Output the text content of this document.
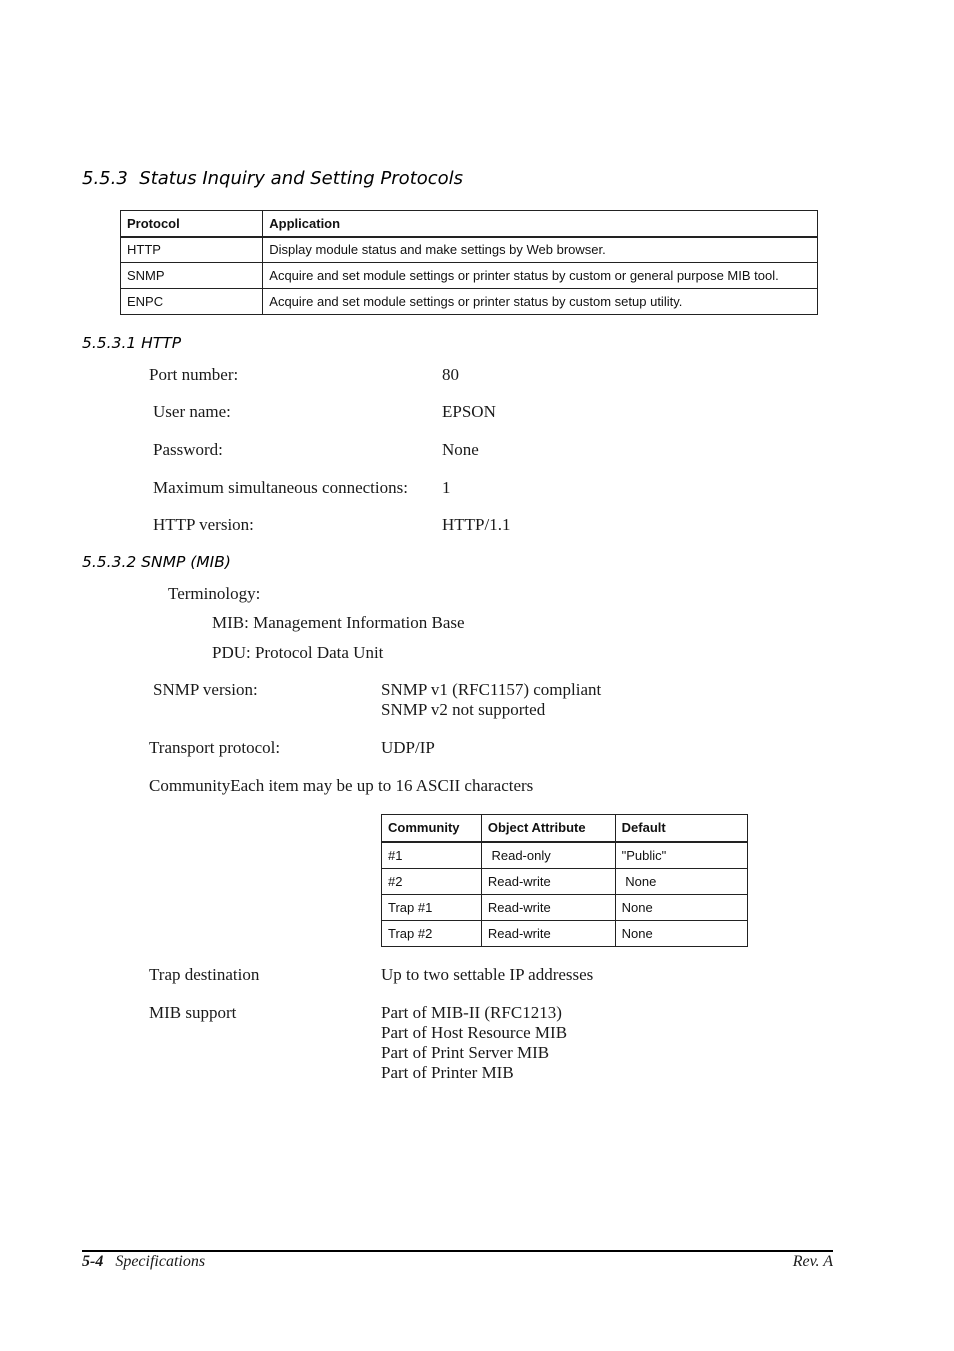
5.5.3 Status Inquiry and Setting Protocols
Protocol	Application
HTTP	Display module status and make settings by Web browser.
SNMP	Acquire and set module settings or printer status by custom or general purpose MIB tool.
ENPC	Acquire and set module settings or printer status by custom setup utility.
5.5.3.1 HTTP
Port number:	80
User name:	EPSON
Password:	None
Maximum simultaneous connections: 1
HTTP version:	HTTP/1.1
5.5.3.2 SNMP (MIB)
Terminology:
MIB: Management Information Base
PDU: Protocol Data Unit
SNMP version:	SNMP v1 (RFC1157) compliant
SNMP v2 not supported
Transport protocol:	UDP/IP
CommunityEach item may be up to 16 ASCII characters
Community	Object Attribute	Default
#1	Read-only	"Public"
#2	Read-write	None
Trap #1	Read-write	None
Trap #2	Read-write	None
Trap destination	Up to two settable IP addresses
MIB support	Part of MIB-II (RFC1213)
Part of Host Resource MIB
Part of Print Server MIB
Part of Printer MIB
5-4 Specifications	Rev. A
